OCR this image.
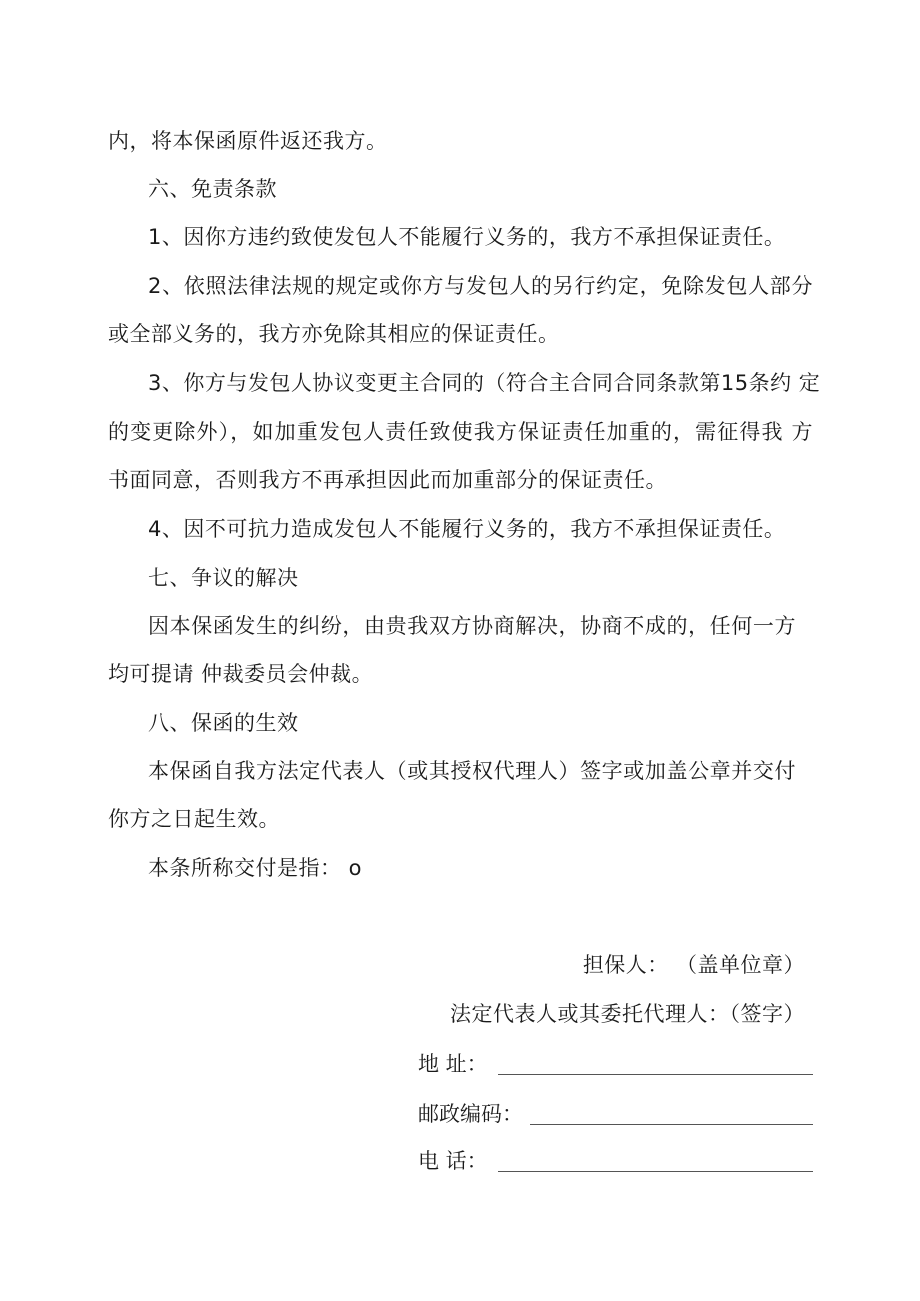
内，将本保函原件返还我方。
六、免责条款
1、因你方违约致使发包人不能履行义务的，我方不承担保证责任。
2、依照法律法规的规定或你方与发包人的另行约定，免除发包人部分
或全部义务的，我方亦免除其相应的保证责任。
3、你方与发包人协议变更主合同的（符合主合同合同条款第15条约 定
的变更除外），如加重发包人责任致使我方保证责任加重的，需征得我 方
书面同意，否则我方不再承担因此而加重部分的保证责任。
4、因不可抗力造成发包人不能履行义务的，我方不承担保证责任。
七、争议的解决
因本保函发生的纠纷，由贵我双方协商解决，协商不成的，任何一方
均可提请 仲裁委员会仲裁。
八、保函的生效
本保函自我方法定代表人（或其授权代理人）签字或加盖公章并交付
你方之日起生效。
本条所称交付是指： o
担保人： （盖单位章）
法定代表人或其委托代理人：（签字）
地 址：
邮政编码：
电 话：
